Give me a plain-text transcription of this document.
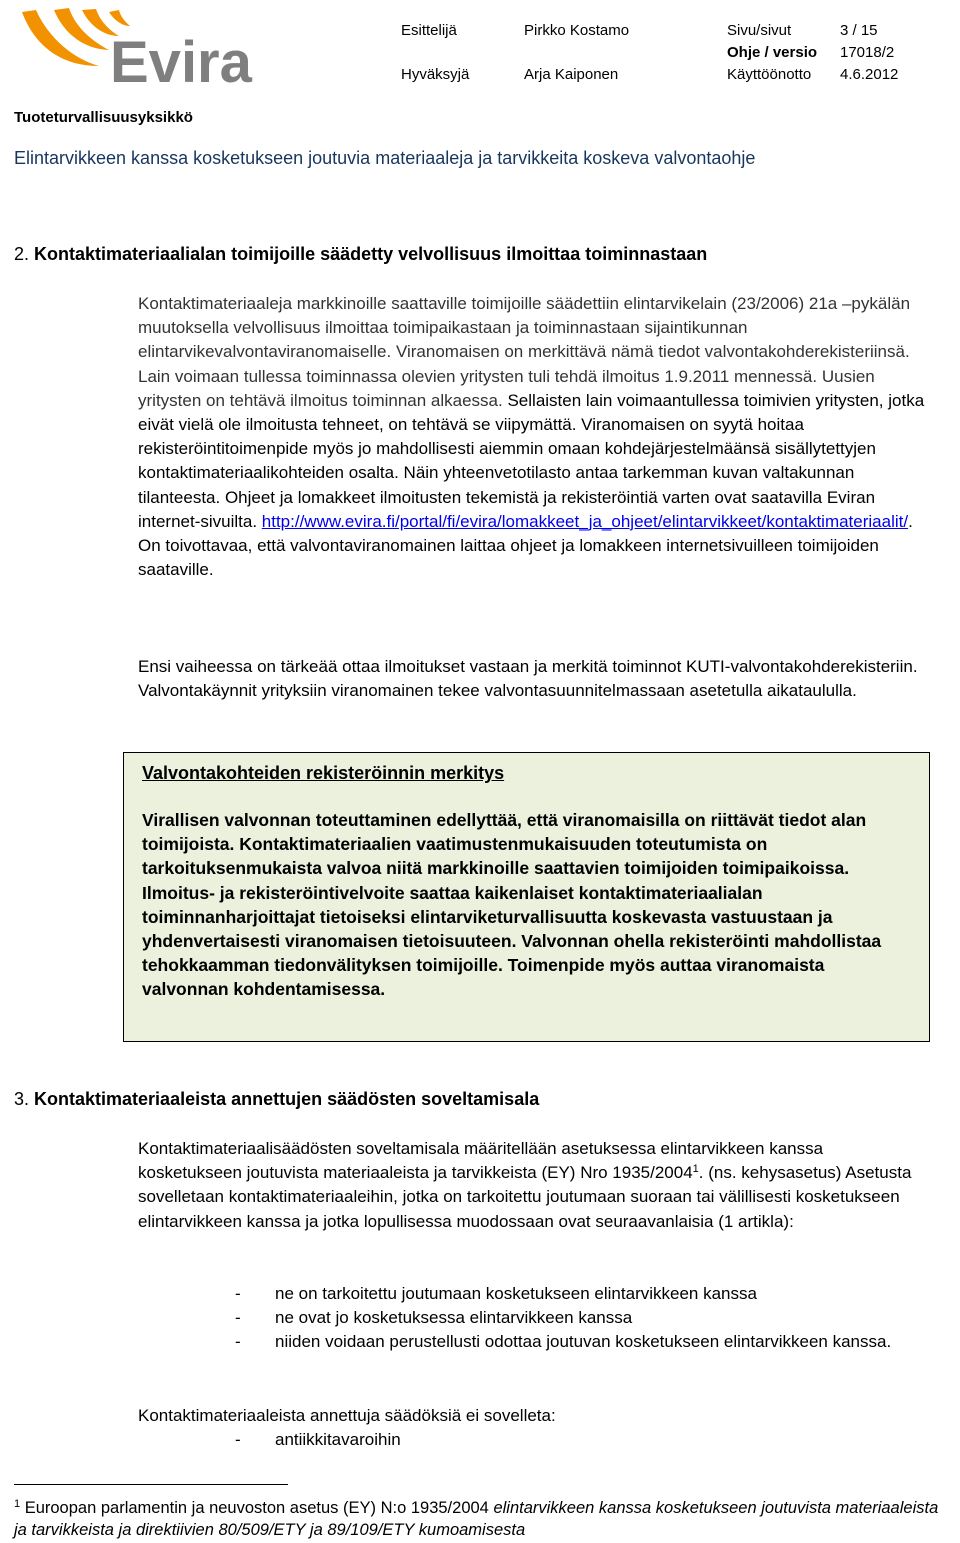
Evira	Esittelijä	Pirkko Kostamo	Sivu/sivut	3 / 15
Ohje / versio 17018/2
Hyväksyjä	Arja Kaiponen	Käyttöönotto 4.6.2012
Tuoteturvallisuusyksikkö
Elintarvikkeen kanssa kosketukseen joutuvia materiaaleja ja tarvikkeita koskeva valvontaohje
2. Kontaktimateriaalialan toimijoille säädetty velvollisuus ilmoittaa toiminnastaan

Kontaktimateriaaleja markkinoille saattaville toimijoille säädettiin elintarvikelain (23/2006) 21a –pykälän muutoksella velvollisuus ilmoittaa toimipaikastaan ja toiminnastaan sijaintikunnan elintarvikevalvontaviranomaiselle. Viranomaisen on merkittävä nämä tiedot valvontakohderekisteriinsä. Lain voimaan tullessa toiminnassa olevien yritysten tuli tehdä ilmoitus 1.9.2011 mennessä. Uusien yritysten on tehtävä ilmoitus toiminnan alkaessa. Sellaisten lain voimaantullessa toimivien yritysten, jotka eivät vielä ole ilmoitusta tehneet, on tehtävä se viipymättä. Viranomaisen on syytä hoitaa rekisteröintitoimenpide myös jo mahdollisesti aiemmin omaan kohdejärjestelmäänsä sisällytettyjen kontaktimateriaalikohteiden osalta. Näin yhteenvetotilasto antaa tarkemman kuvan valtakunnan tilanteesta. Ohjeet ja lomakkeet ilmoitusten tekemistä ja rekisteröintiä varten ovat saatavilla Eviran internet-sivuilta. http://www.evira.fi/portal/fi/evira/lomakkeet_ja_ohjeet/elintarvikkeet/kontaktimateriaalit/. On toivottavaa, että valvontaviranomainen laittaa ohjeet ja lomakkeen internetsivuilleen toimijoiden saataville.

Ensi vaiheessa on tärkeää ottaa ilmoitukset vastaan ja merkitä toiminnot KUTI-valvontakohderekisteriin. Valvontakäynnit yrityksiin viranomainen tekee valvontasuunnitelmassaan asetetulla aikataululla.

Valvontakohteiden rekisteröinnin merkitys

Virallisen valvonnan toteuttaminen edellyttää, että viranomaisilla on riittävät tiedot alan toimijoista. Kontaktimateriaalien vaatimustenmukaisuuden toteutumista on tarkoituksenmukaista valvoa niitä markkinoille saattavien toimijoiden toimipaikoissa. Ilmoitus- ja rekisteröintivelvoite saattaa kaikenlaiset kontaktimateriaalialan toiminnanharjoittajat tietoiseksi elintarviketurvallisuutta koskevasta vastuustaan ja yhdenvertaisesti viranomaisen tietoisuuteen. Valvonnan ohella rekisteröinti mahdollistaa tehokkaamman tiedonvälityksen toimijoille. Toimenpide myös auttaa viranomaista valvonnan kohdentamisessa.

3. Kontaktimateriaaleista annettujen säädösten soveltamisala

Kontaktimateriaalisäädösten soveltamisala määritellään asetuksessa elintarvikkeen kanssa kosketukseen joutuvista materiaaleista ja tarvikkeista (EY) Nro 1935/2004$^1$. (ns. kehysasetus) Asetusta sovelletaan kontaktimateriaaleihin, jotka on tarkoitettu joutumaan suoraan tai välillisesti kosketukseen elintarvikkeen kanssa ja jotka lopullisessa muodossaan ovat seuraavanlaisia (1 artikla):

- ne on tarkoitettu joutumaan kosketukseen elintarvikkeen kanssa
- ne ovat jo kosketuksessa elintarvikkeen kanssa
- niiden voidaan perustellusti odottaa joutuvan kosketukseen elintarvikkeen kanssa.

Kontaktimateriaaleista annettuja säädöksiä ei sovelleta:

- antiikkitavaroihin

$^1$ Euroopan parlamentin ja neuvoston asetus (EY) N:o 1935/2004 elintarvikkeen kanssa kosketukseen joutuvista materiaaleista ja tarvikkeista ja direktiivien 80/509/ETY ja 89/109/ETY kumoamisesta
